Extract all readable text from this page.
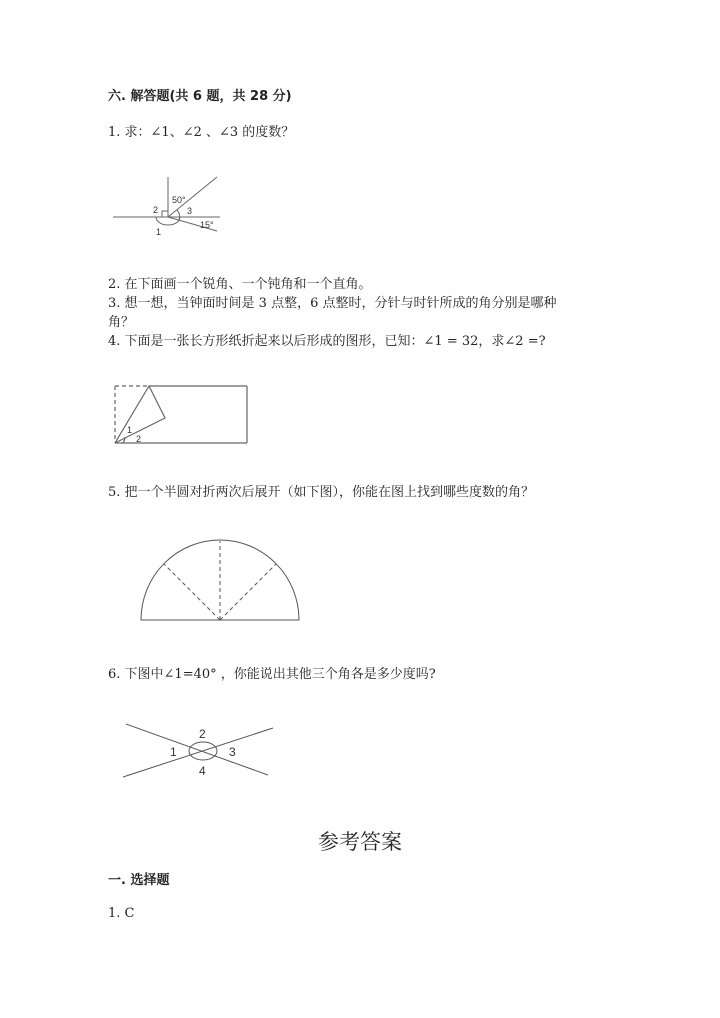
六. 解答题(共 6 题，共 28 分)
1. 求：∠1、∠2 、∠3 的度数？
50°
2	3
15°
1
1
2
1
2
3
4
2. 在下面画一个锐角、一个钝角和一个直角。
3. 想一想，当钟面时间是 3 点整，6 点整时，分针与时针所成的角分别是哪种
角？
4. 下面是一张长方形纸折起来以后形成的图形，已知：∠1 = 32，求∠2 =?
5. 把一个半圆对折两次后展开（如下图），你能在图上找到哪些度数的角？
6. 下图中∠1=40° ，你能说出其他三个角各是多少度吗?
参考答案
一. 选择题
1. C
